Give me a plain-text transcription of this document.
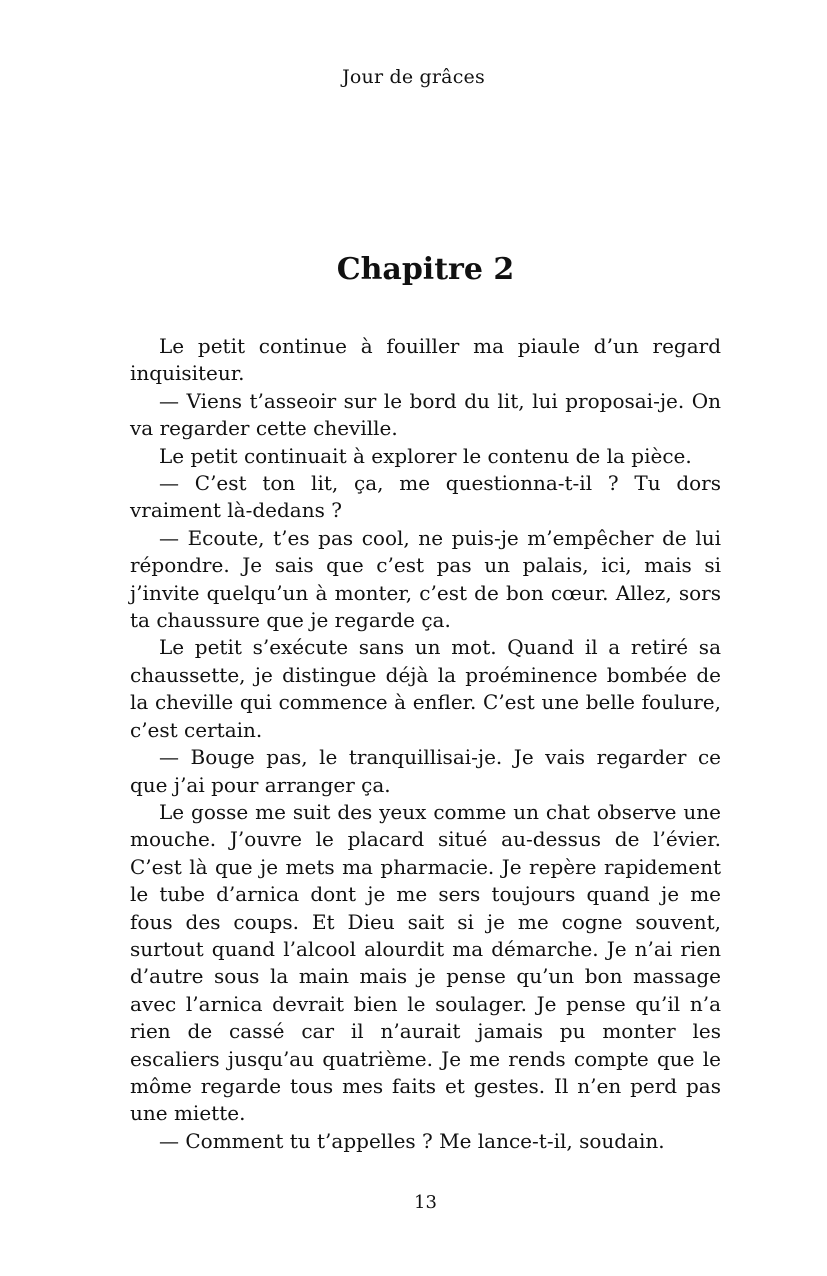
Jour de grâces
Chapitre 2

Le petit continue à fouiller ma piaule d’un regard inquisiteur.

— Viens t’asseoir sur le bord du lit, lui proposai-je. On va regarder cette cheville.

Le petit continuait à explorer le contenu de la pièce.

— C’est ton lit, ça, me questionna-t-il ? Tu dors vraiment là-dedans ?

— Ecoute, t’es pas cool, ne puis-je m’empêcher de lui répondre. Je sais que c’est pas un palais, ici, mais si j’invite quelqu’un à monter, c’est de bon cœur. Allez, sors ta chaussure que je regarde ça.

Le petit s’exécute sans un mot. Quand il a retiré sa chaussette, je distingue déjà la proéminence bombée de la cheville qui commence à enfler. C’est une belle foulure, c’est certain.

— Bouge pas, le tranquillisai-je. Je vais regarder ce que j’ai pour arranger ça.

Le gosse me suit des yeux comme un chat observe une mouche. J’ouvre le placard situé au-dessus de l’évier. C’est là que je mets ma pharmacie. Je repère rapidement le tube d’arnica dont je me sers toujours quand je me fous des coups. Et Dieu sait si je me cogne souvent, surtout quand l’alcool alourdit ma démarche. Je n’ai rien d’autre sous la main mais je pense qu’un bon massage avec l’arnica devrait bien le soulager. Je pense qu’il n’a rien de cassé car il n’aurait jamais pu monter les escaliers jusqu’au quatrième. Je me rends compte que le môme regarde tous mes faits et gestes. Il n’en perd pas une miette.

— Comment tu t’appelles ? Me lance-t-il, soudain.

13
